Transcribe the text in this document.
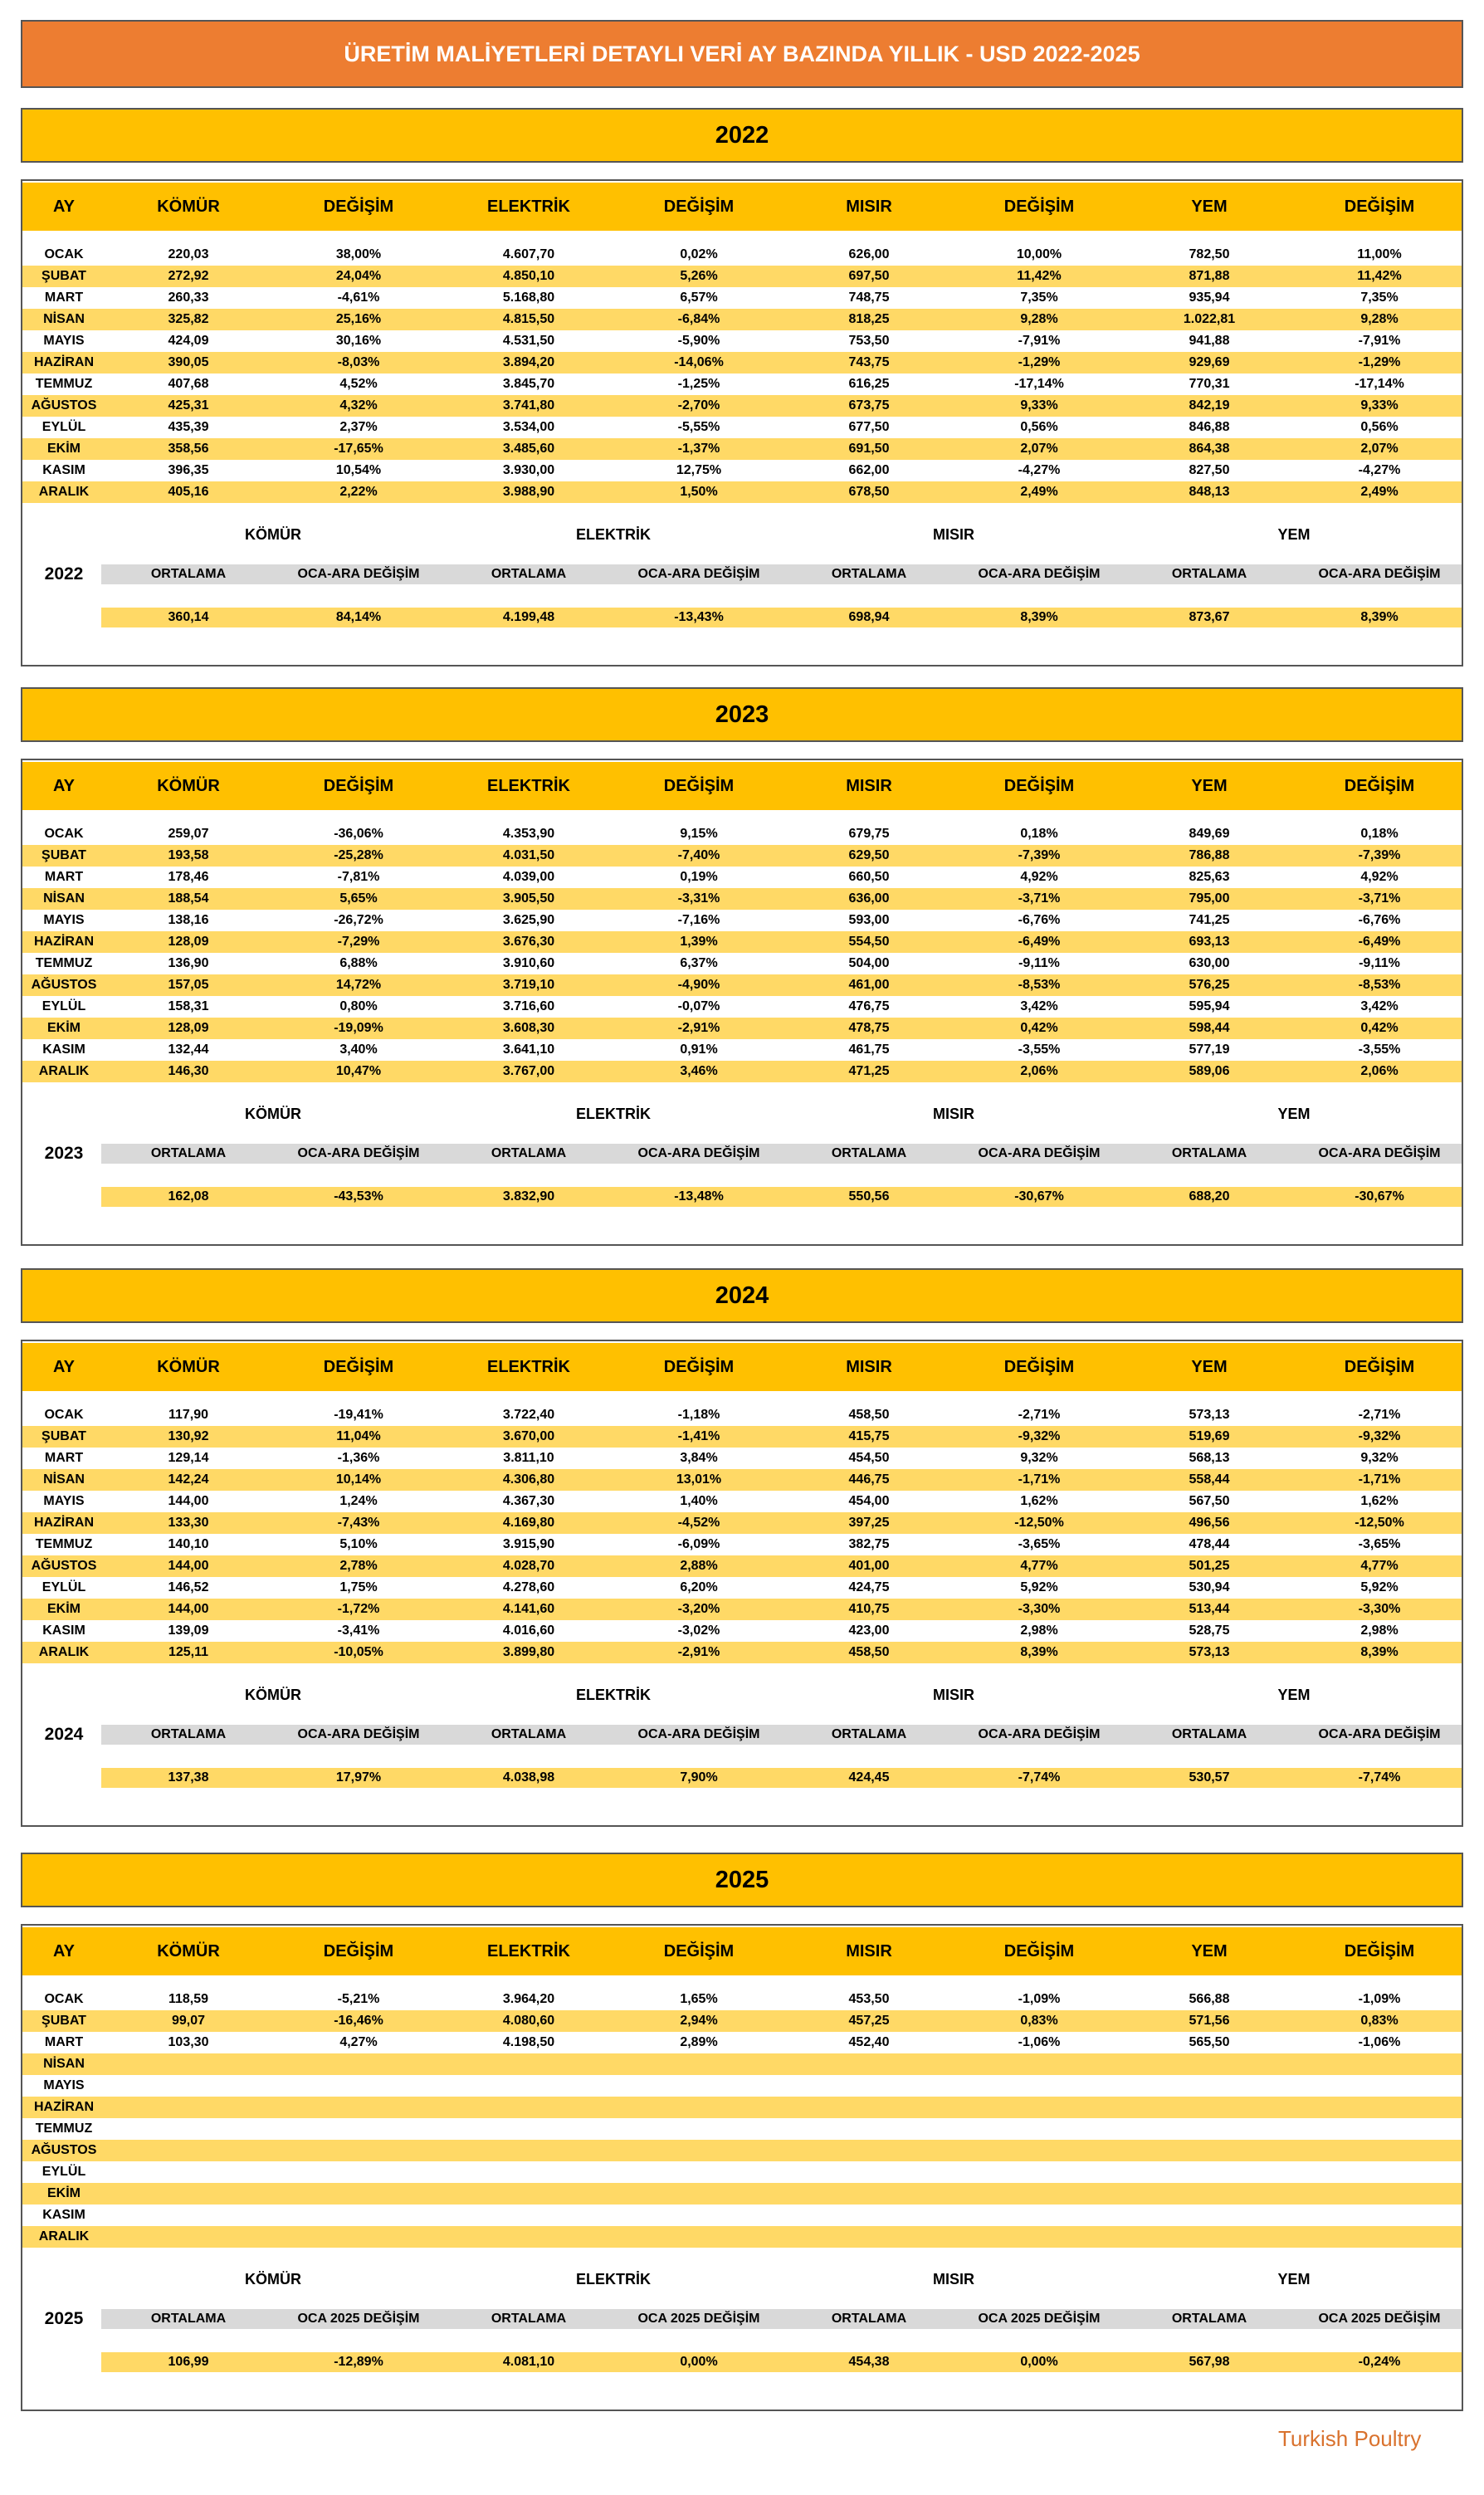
ÜRETİM MALİYETLERİ DETAYLI VERİ AY BAZINDA YILLIK - USD 2022-2025
2022
AY	KÖMÜR	DEĞİŞİM	ELEKTRİK	DEĞİŞİM	MISIR	DEĞİŞİM	YEM	DEĞİŞİM
OCAK	220,03	38,00%	4.607,70	0,02%	626,00	10,00%	782,50	11,00%
ŞUBAT	272,92	24,04%	4.850,10	5,26%	697,50	11,42%	871,88	11,42%
MART	260,33	-4,61%	5.168,80	6,57%	748,75	7,35%	935,94	7,35%
NİSAN	325,82	25,16%	4.815,50	-6,84%	818,25	9,28%	1.022,81	9,28%
MAYIS	424,09	30,16%	4.531,50	-5,90%	753,50	-7,91%	941,88	-7,91%
HAZİRAN	390,05	-8,03%	3.894,20	-14,06%	743,75	-1,29%	929,69	-1,29%
TEMMUZ	407,68	4,52%	3.845,70	-1,25%	616,25	-17,14%	770,31	-17,14%
AĞUSTOS	425,31	4,32%	3.741,80	-2,70%	673,75	9,33%	842,19	9,33%
EYLÜL	435,39	2,37%	3.534,00	-5,55%	677,50	0,56%	846,88	0,56%
EKİM	358,56	-17,65%	3.485,60	-1,37%	691,50	2,07%	864,38	2,07%
KASIM	396,35	10,54%	3.930,00	12,75%	662,00	-4,27%	827,50	-4,27%
ARALIK	405,16	2,22%	3.988,90	1,50%	678,50	2,49%	848,13	2,49%
KÖMÜR	ELEKTRİK	MISIR	YEM
2022	ORTALAMA	OCA-ARA DEĞİŞİM	ORTALAMA	OCA-ARA DEĞİŞİM	ORTALAMA	OCA-ARA DEĞİŞİM	ORTALAMA	OCA-ARA DEĞİŞİM
360,14	84,14%	4.199,48	-13,43%	698,94	8,39%	873,67	8,39%
2023
AY	KÖMÜR	DEĞİŞİM	ELEKTRİK	DEĞİŞİM	MISIR	DEĞİŞİM	YEM	DEĞİŞİM
OCAK	259,07	-36,06%	4.353,90	9,15%	679,75	0,18%	849,69	0,18%
ŞUBAT	193,58	-25,28%	4.031,50	-7,40%	629,50	-7,39%	786,88	-7,39%
MART	178,46	-7,81%	4.039,00	0,19%	660,50	4,92%	825,63	4,92%
NİSAN	188,54	5,65%	3.905,50	-3,31%	636,00	-3,71%	795,00	-3,71%
MAYIS	138,16	-26,72%	3.625,90	-7,16%	593,00	-6,76%	741,25	-6,76%
HAZİRAN	128,09	-7,29%	3.676,30	1,39%	554,50	-6,49%	693,13	-6,49%
TEMMUZ	136,90	6,88%	3.910,60	6,37%	504,00	-9,11%	630,00	-9,11%
AĞUSTOS	157,05	14,72%	3.719,10	-4,90%	461,00	-8,53%	576,25	-8,53%
EYLÜL	158,31	0,80%	3.716,60	-0,07%	476,75	3,42%	595,94	3,42%
EKİM	128,09	-19,09%	3.608,30	-2,91%	478,75	0,42%	598,44	0,42%
KASIM	132,44	3,40%	3.641,10	0,91%	461,75	-3,55%	577,19	-3,55%
ARALIK	146,30	10,47%	3.767,00	3,46%	471,25	2,06%	589,06	2,06%
KÖMÜR	ELEKTRİK	MISIR	YEM
2023	ORTALAMA	OCA-ARA DEĞİŞİM	ORTALAMA	OCA-ARA DEĞİŞİM	ORTALAMA	OCA-ARA DEĞİŞİM	ORTALAMA	OCA-ARA DEĞİŞİM
162,08	-43,53%	3.832,90	-13,48%	550,56	-30,67%	688,20	-30,67%
2024
AY	KÖMÜR	DEĞİŞİM	ELEKTRİK	DEĞİŞİM	MISIR	DEĞİŞİM	YEM	DEĞİŞİM
OCAK	117,90	-19,41%	3.722,40	-1,18%	458,50	-2,71%	573,13	-2,71%
ŞUBAT	130,92	11,04%	3.670,00	-1,41%	415,75	-9,32%	519,69	-9,32%
MART	129,14	-1,36%	3.811,10	3,84%	454,50	9,32%	568,13	9,32%
NİSAN	142,24	10,14%	4.306,80	13,01%	446,75	-1,71%	558,44	-1,71%
MAYIS	144,00	1,24%	4.367,30	1,40%	454,00	1,62%	567,50	1,62%
HAZİRAN	133,30	-7,43%	4.169,80	-4,52%	397,25	-12,50%	496,56	-12,50%
TEMMUZ	140,10	5,10%	3.915,90	-6,09%	382,75	-3,65%	478,44	-3,65%
AĞUSTOS	144,00	2,78%	4.028,70	2,88%	401,00	4,77%	501,25	4,77%
EYLÜL	146,52	1,75%	4.278,60	6,20%	424,75	5,92%	530,94	5,92%
EKİM	144,00	-1,72%	4.141,60	-3,20%	410,75	-3,30%	513,44	-3,30%
KASIM	139,09	-3,41%	4.016,60	-3,02%	423,00	2,98%	528,75	2,98%
ARALIK	125,11	-10,05%	3.899,80	-2,91%	458,50	8,39%	573,13	8,39%
KÖMÜR	ELEKTRİK	MISIR	YEM
2024	ORTALAMA	OCA-ARA DEĞİŞİM	ORTALAMA	OCA-ARA DEĞİŞİM	ORTALAMA	OCA-ARA DEĞİŞİM	ORTALAMA	OCA-ARA DEĞİŞİM
137,38	17,97%	4.038,98	7,90%	424,45	-7,74%	530,57	-7,74%
2025
AY	KÖMÜR	DEĞİŞİM	ELEKTRİK	DEĞİŞİM	MISIR	DEĞİŞİM	YEM	DEĞİŞİM
OCAK	118,59	-5,21%	3.964,20	1,65%	453,50	-1,09%	566,88	-1,09%
ŞUBAT	99,07	-16,46%	4.080,60	2,94%	457,25	0,83%	571,56	0,83%
MART	103,30	4,27%	4.198,50	2,89%	452,40	-1,06%	565,50	-1,06%
NİSAN
MAYIS
HAZİRAN
TEMMUZ
AĞUSTOS
EYLÜL
EKİM
KASIM
ARALIK
KÖMÜR	ELEKTRİK	MISIR	YEM
2025	ORTALAMA	OCA 2025 DEĞİŞİM	ORTALAMA	OCA 2025 DEĞİŞİM	ORTALAMA	OCA 2025 DEĞİŞİM	ORTALAMA	OCA 2025 DEĞİŞİM
106,99	-12,89%	4.081,10	0,00%	454,38	0,00%	567,98	-0,24%
Turkish Poultry
